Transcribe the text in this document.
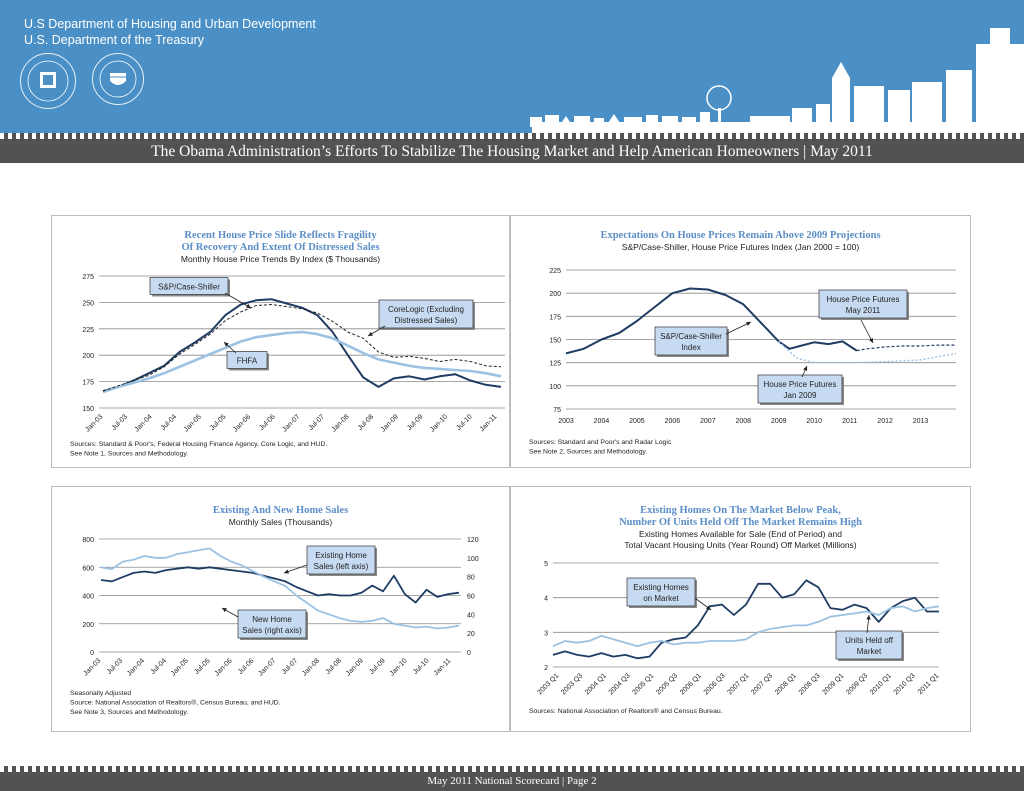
U.S Department of Housing and Urban Development
U.S. Department of the Treasury
The Obama Administration’s Efforts To Stabilize The Housing Market and Help American Homeowners | May 2011
Recent House Price Slide Reflects Fragility
Of Recovery And Extent Of Distressed Sales
Monthly House Price Trends By Index ($ Thousands)
150
175
200
225
250
275
Jan-03 Jul-03 Jan-04 Jul-04 Jan-05 Jul-05 Jan-06 Jul-06 Jan-07 Jul-07 Jan-08 Jul-08 Jan-09 Jul-09 Jan-10 Jul-10 Jan-11
S&P/Case-Shiller
CoreLogic (Excluding
Distressed Sales)
FHFA
Sources: Standard & Poor's, Federal Housing Finance Agency, Core Logic, and HUD.
See Note 1, Sources and Methodology.
Expectations On House Prices Remain Above 2009 Projections
S&P/Case-Shiller, House Price Futures Index (Jan 2000 = 100)
75
100
125
150
175
200
225
2003	2004	2005	2006	2007	2008	2009	2010	2011	2012	2013
House Price Futures
May 2011
S&P/Case-Shiller
Index
House Price Futures
Jan 2009
Sources: Standard and Poor's and Radar Logic
See Note 2, Sources and Methodology.
Existing And New Home Sales
Monthly Sales (Thousands)
0
200
400
600
800
0
20
40
60
80
100
120
Jan-03 Jul-03 Jan-04 Jul-04 Jan-05 Jul-05 Jan-06 Jul-06 Jan-07 Jul-07 Jan-08 Jul-08 Jan-09 Jul-09 Jan-10 Jul-10 Jan-11
Existing Home
Sales (left axis)
New Home
Sales (right axis)
Seasonally Adjusted
Source: National Association of Realtors®, Census Bureau, and HUD.
See Note 3, Sources and Methodology.
Existing Homes On The Market Below Peak,
Number Of Units Held Off The Market Remains High
Existing Homes Available for Sale (End of Period) and
Total Vacant Housing Units (Year Round) Off Market (Millions)
2
3
4
5
2003 Q1 2003 Q3 2004 Q1 2004 Q3 2005 Q1 2005 Q3 2006 Q1 2006 Q3 2007 Q1 2007 Q3 2008 Q1 2008 Q3 2009 Q1 2009 Q3 2010 Q1 2010 Q3 2011 Q1
Existing Homes
on Market
Units Held off
Market
Sources: National Association of Realtors® and Census Bureau.
May 2011 National Scorecard | Page 2
